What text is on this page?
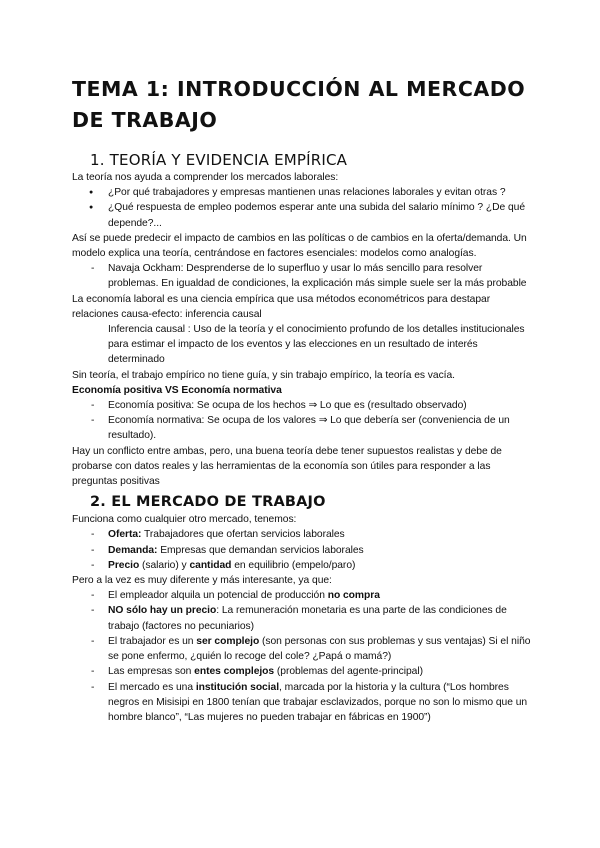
TEMA 1: INTRODUCCIÓN AL MERCADO DE TRABAJO
1. TEORÍA Y EVIDENCIA EMPÍRICA

La teoría nos ayuda a comprender los mercados laborales:

● ¿Por qué trabajadores y empresas mantienen unas relaciones laborales y evitan otras ?
● ¿Qué respuesta de empleo podemos esperar ante una subida del salario mínimo ? ¿De qué depende?...

Así se puede predecir el impacto de cambios en las políticas o de cambios en la oferta/demanda. Un modelo explica una teoría, centrándose en factores esenciales: modelos como analogías.

- Navaja Ockham: Desprenderse de lo superfluo y usar lo más sencillo para resolver problemas. En igualdad de condiciones, la explicación más simple suele ser la más probable

La economía laboral es una ciencia empírica que usa métodos econométricos para destapar relaciones causa-efecto: inferencia causal

Inferencia causal : Uso de la teoría y el conocimiento profundo de los detalles institucionales para estimar el impacto de los eventos y las elecciones en un resultado de interés determinado

Sin teoría, el trabajo empírico no tiene guía, y sin trabajo empírico, la teoría es vacía.

Economía positiva VS Economía normativa

- Economía positiva: Se ocupa de los hechos ⇒ Lo que es (resultado observado)
- Economía normativa: Se ocupa de los valores ⇒ Lo que debería ser (conveniencia de un resultado).

Hay un conflicto entre ambas, pero, una buena teoría debe tener supuestos realistas y debe de probarse con datos reales y las herramientas de la economía son útiles para responder a las preguntas positivas

2. EL MERCADO DE TRABAJO

Funciona como cualquier otro mercado, tenemos:

- Oferta: Trabajadores que ofertan servicios laborales
- Demanda: Empresas que demandan servicios laborales
- Precio (salario) y cantidad en equilibrio (empelo/paro)

Pero a la vez es muy diferente y más interesante, ya que:

- El empleador alquila un potencial de producción no compra
- NO sólo hay un precio: La remuneración monetaria es una parte de las condiciones de trabajo (factores no pecuniarios)
- El trabajador es un ser complejo (son personas con sus problemas y sus ventajas) Si el niño se pone enfermo, ¿quién lo recoge del cole? ¿Papá o mamá?)
- Las empresas son entes complejos (problemas del agente-principal)
- El mercado es una institución social, marcada por la historia y la cultura (“Los hombres negros en Misisipi en 1800 tenían que trabajar esclavizados, porque no son lo mismo que un hombre blanco”, “Las mujeres no pueden trabajar en fábricas en 1900”)
